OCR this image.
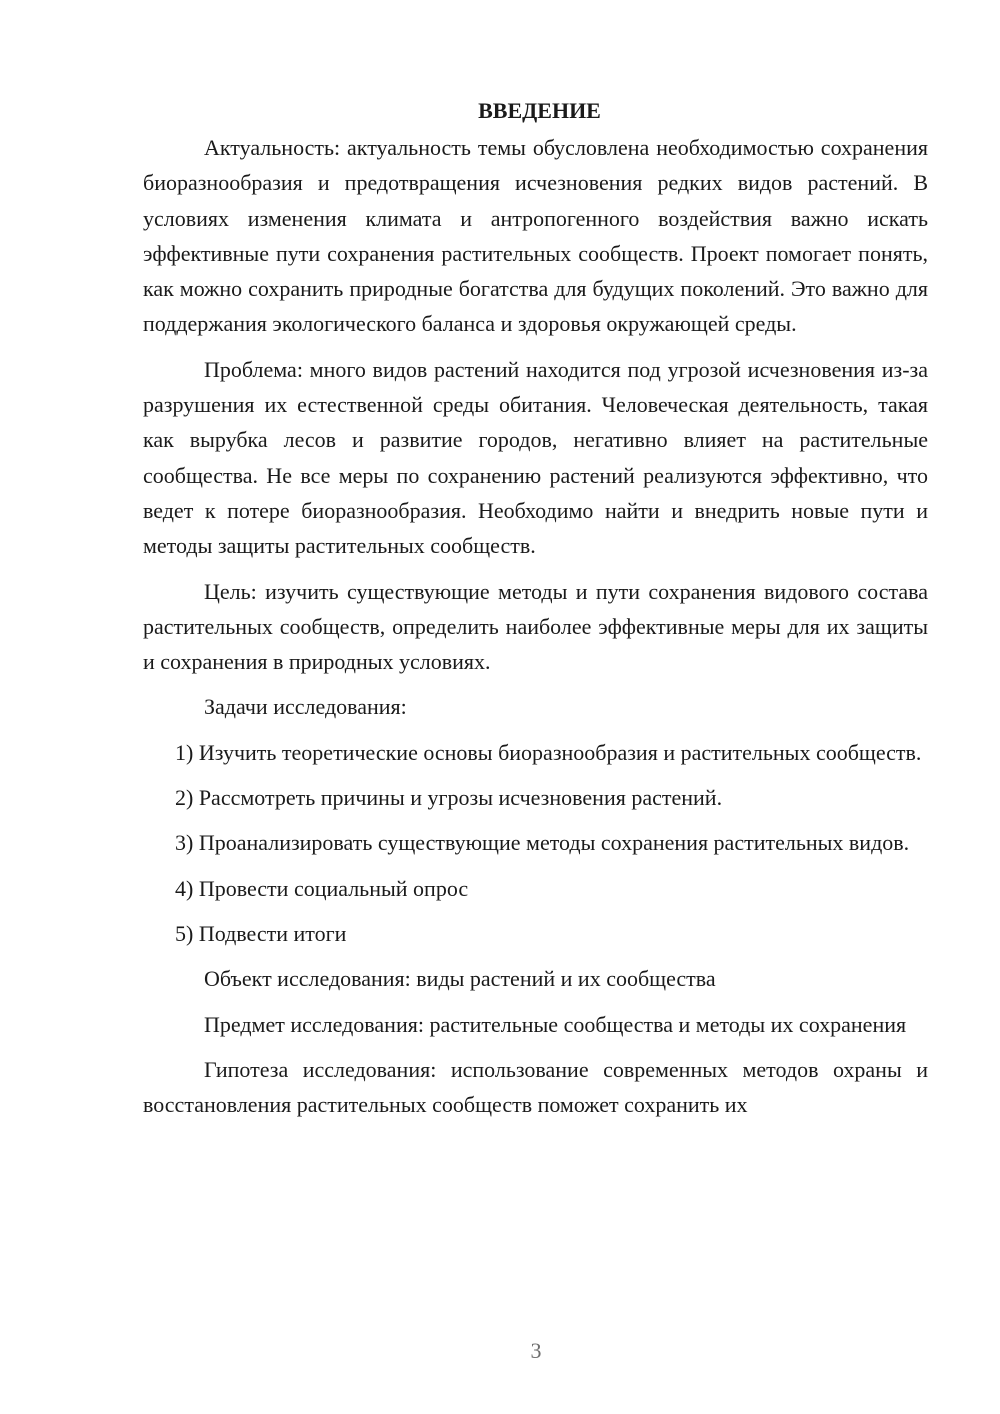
ВВЕДЕНИЕ

Актуальность: актуальность темы обусловлена необходимостью сохранения биоразнообразия и предотвращения исчезновения редких видов растений. В условиях изменения климата и антропогенного воздействия важно искать эффективные пути сохранения растительных сообществ. Проект помогает понять, как можно сохранить природные богатства для будущих поколений. Это важно для поддержания экологического баланса и здоровья окружающей среды.

Проблема: много видов растений находится под угрозой исчезновения из-за разрушения их естественной среды обитания. Человеческая деятельность, такая как вырубка лесов и развитие городов, негативно влияет на растительные сообщества. Не все меры по сохранению растений реализуются эффективно, что ведет к потере биоразнообразия. Необходимо найти и внедрить новые пути и методы защиты растительных сообществ.

Цель: изучить существующие методы и пути сохранения видового состава растительных сообществ, определить наиболее эффективные меры для их защиты и сохранения в природных условиях.

Задачи исследования:

1) Изучить теоретические основы биоразнообразия и растительных сообществ.

2) Рассмотреть причины и угрозы исчезновения растений.

3) Проанализировать существующие методы сохранения растительных видов.

4) Провести социальный опрос

5) Подвести итоги

Объект исследования: виды растений и их сообщества

Предмет исследования: растительные сообщества и методы их сохранения

Гипотеза исследования: использование современных методов охраны и восстановления растительных сообществ поможет сохранить их

3
